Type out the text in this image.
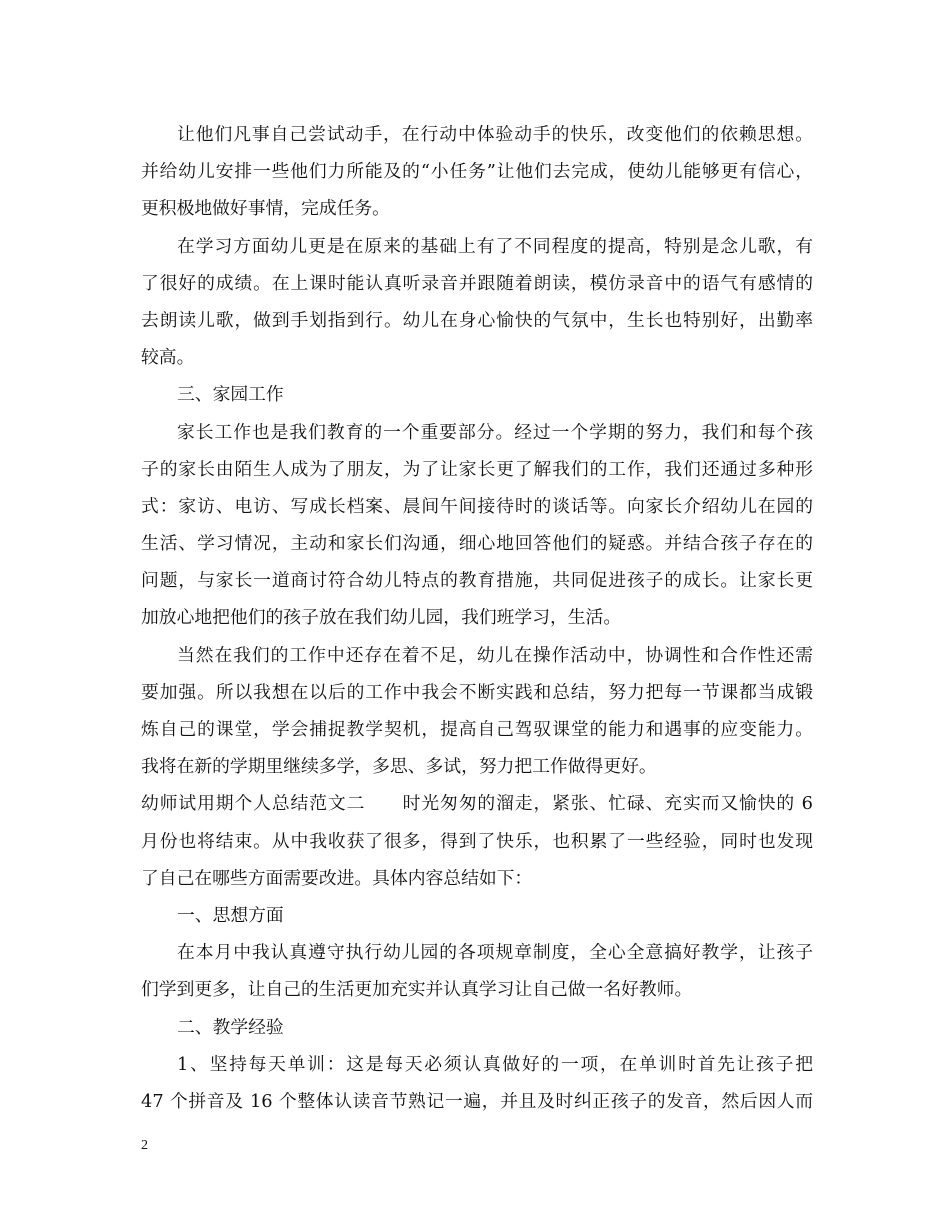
让他们凡事自己尝试动手，在行动中体验动手的快乐，改变他们的依赖思想。
并给幼儿安排一些他们力所能及的“小任务”让他们去完成，使幼儿能够更有信心，
更积极地做好事情，完成任务。
在学习方面幼儿更是在原来的基础上有了不同程度的提高，特别是念儿歌，有
了很好的成绩。在上课时能认真听录音并跟随着朗读，模仿录音中的语气有感情的
去朗读儿歌，做到手划指到行。幼儿在身心愉快的气氛中，生长也特别好，出勤率
较高。
三、家园工作
家长工作也是我们教育的一个重要部分。经过一个学期的努力，我们和每个孩
子的家长由陌生人成为了朋友，为了让家长更了解我们的工作，我们还通过多种形
式：家访、电访、写成长档案、晨间午间接待时的谈话等。向家长介绍幼儿在园的
生活、学习情况，主动和家长们沟通，细心地回答他们的疑惑。并结合孩子存在的
问题，与家长一道商讨符合幼儿特点的教育措施，共同促进孩子的成长。让家长更
加放心地把他们的孩子放在我们幼儿园，我们班学习，生活。
当然在我们的工作中还存在着不足，幼儿在操作活动中，协调性和合作性还需
要加强。所以我想在以后的工作中我会不断实践和总结，努力把每一节课都当成锻
炼自己的课堂，学会捕捉教学契机，提高自己驾驭课堂的能力和遇事的应变能力。
我将在新的学期里继续多学，多思、多试，努力把工作做得更好。
幼师试用期个人总结范文二　　时光匆匆的溜走，紧张、忙碌、充实而又愉快的 6
月份也将结束。从中我收获了很多，得到了快乐，也积累了一些经验，同时也发现
了自己在哪些方面需要改进。具体内容总结如下：
一、思想方面
在本月中我认真遵守执行幼儿园的各项规章制度，全心全意搞好教学，让孩子
们学到更多，让自己的生活更加充实并认真学习让自己做一名好教师。
二、教学经验
1、坚持每天单训：这是每天必须认真做好的一项，在单训时首先让孩子把
47 个拼音及 16 个整体认读音节熟记一遍，并且及时纠正孩子的发音，然后因人而
2
